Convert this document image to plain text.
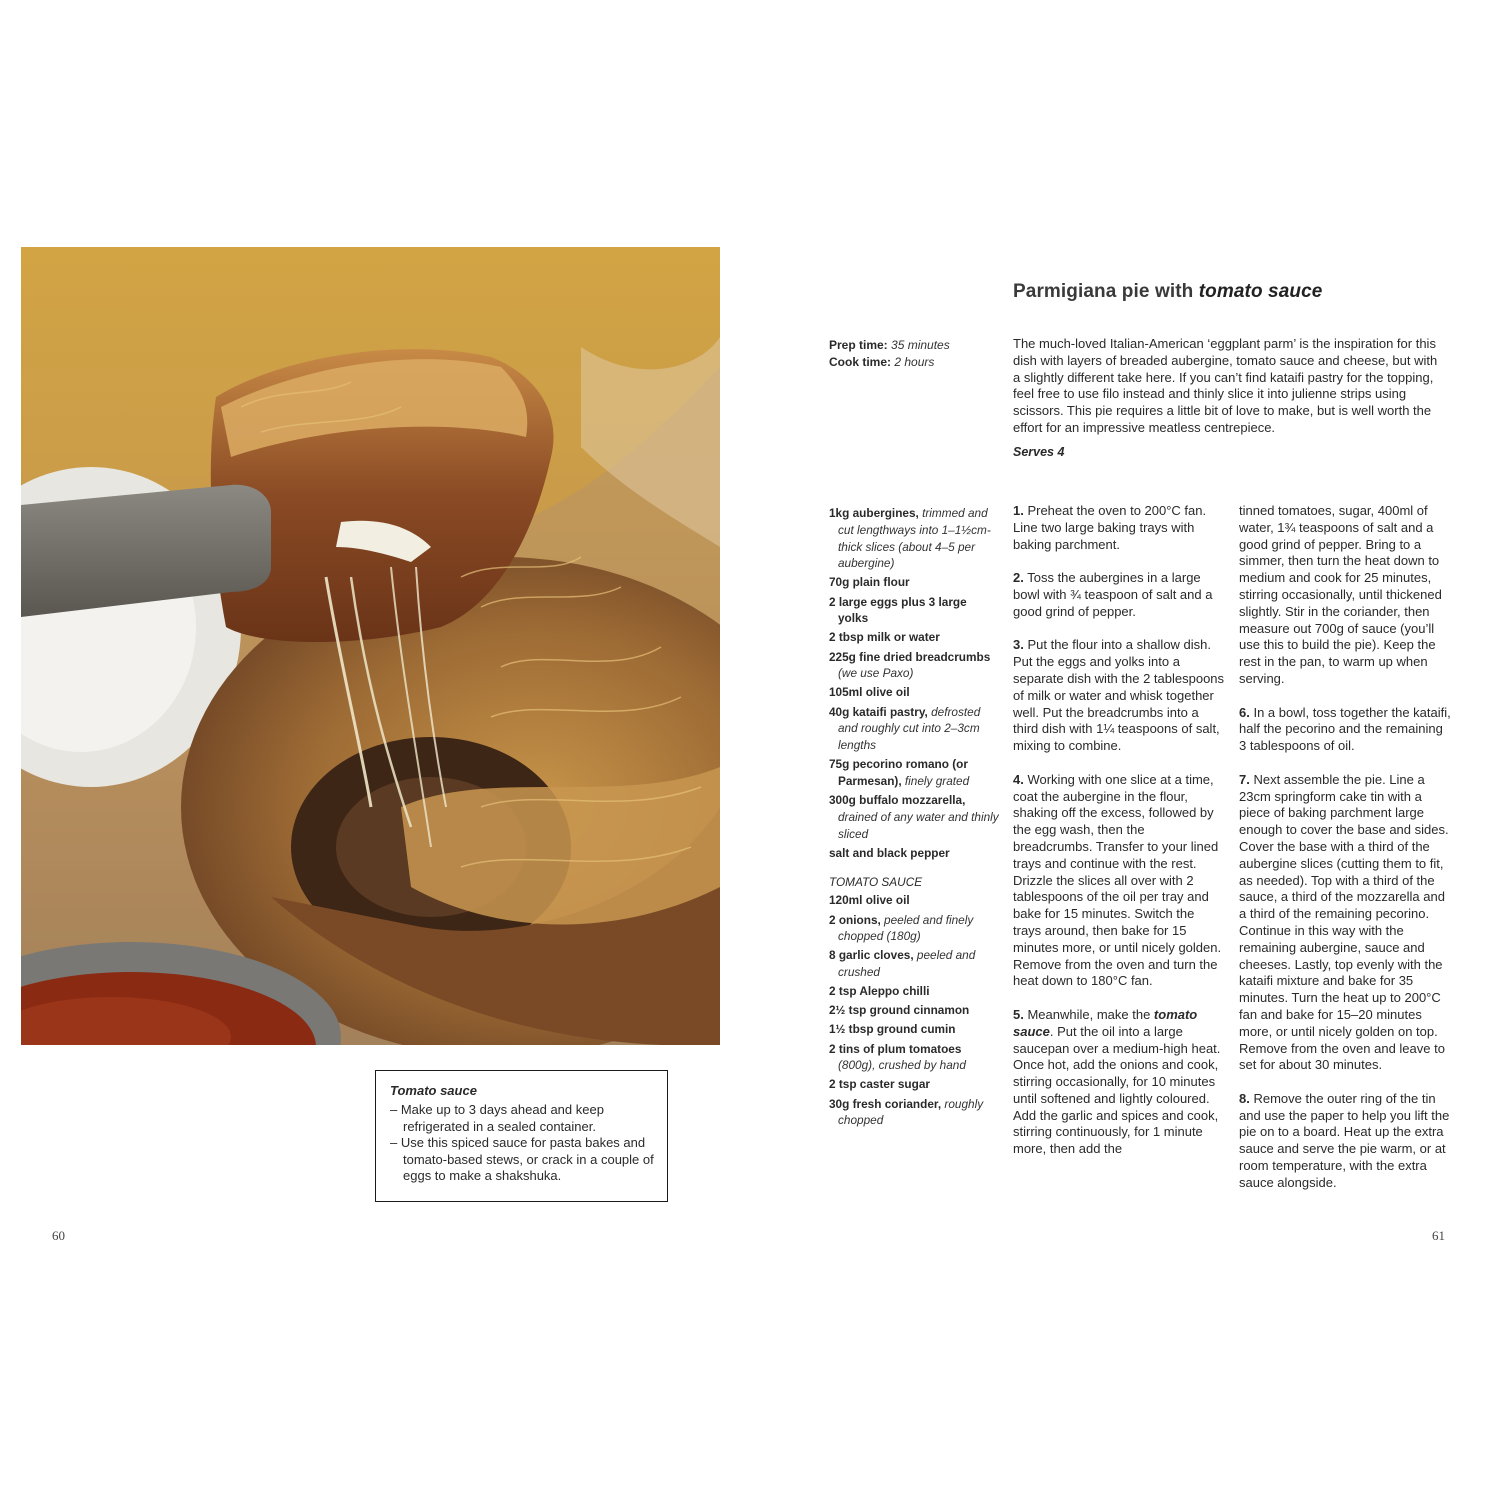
Tomato sauce

– Make up to 3 days ahead and keep refrigerated in a sealed container.

– Use this spiced sauce for pasta bakes and tomato-based stews, or crack in a couple of eggs to make a shakshuka.

60
Parmigiana pie with tomato sauce
Prep time: 35 minutes
Cook time: 2 hours
The much-loved Italian-American ‘eggplant parm’ is the inspiration for this dish with layers of breaded aubergine, tomato sauce and cheese, but with a slightly different take here. If you can’t find kataifi pastry for the topping, feel free to use filo instead and thinly slice it into julienne strips using scissors. This pie requires a little bit of love to make, but is well worth the effort for an impressive meatless centrepiece.
Serves 4
1kg aubergines, trimmed and cut lengthways into 1–1½cm-thick slices (about 4–5 per aubergine)
70g plain flour
2 large eggs plus 3 large yolks
2 tbsp milk or water
225g fine dried breadcrumbs (we use Paxo)
105ml olive oil
40g kataifi pastry, defrosted and roughly cut into 2–3cm lengths
75g pecorino romano (or Parmesan), finely grated
300g buffalo mozzarella, drained of any water and thinly sliced
salt and black pepper
TOMATO SAUCE
120ml olive oil
2 onions, peeled and finely chopped (180g)
8 garlic cloves, peeled and crushed
2 tsp Aleppo chilli
2½ tsp ground cinnamon
1½ tbsp ground cumin
2 tins of plum tomatoes (800g), crushed by hand
2 tsp caster sugar
30g fresh coriander, roughly chopped

1. Preheat the oven to 200°C fan. Line two large baking trays with baking parchment.

2. Toss the aubergines in a large bowl with ¾ teaspoon of salt and a good grind of pepper.

3. Put the flour into a shallow dish. Put the eggs and yolks into a separate dish with the 2 tablespoons of milk or water and whisk together well. Put the breadcrumbs into a third dish with 1¼ teaspoons of salt, mixing to combine.

4. Working with one slice at a time, coat the aubergine in the flour, shaking off the excess, followed by the egg wash, then the breadcrumbs. Transfer to your lined trays and continue with the rest. Drizzle the slices all over with 2 tablespoons of the oil per tray and bake for 15 minutes. Switch the trays around, then bake for 15 minutes more, or until nicely golden. Remove from the oven and turn the heat down to 180°C fan.

5. Meanwhile, make the tomato sauce. Put the oil into a large saucepan over a medium-high heat. Once hot, add the onions and cook, stirring occasionally, for 10 minutes until softened and lightly coloured. Add the garlic and spices and cook, stirring continuously, for 1 minute more, then add the

tinned tomatoes, sugar, 400ml of water, 1¾ teaspoons of salt and a good grind of pepper. Bring to a simmer, then turn the heat down to medium and cook for 25 minutes, stirring occasionally, until thickened slightly. Stir in the coriander, then measure out 700g of sauce (you’ll use this to build the pie). Keep the rest in the pan, to warm up when serving.

6. In a bowl, toss together the kataifi, half the pecorino and the remaining 3 tablespoons of oil.

7. Next assemble the pie. Line a 23cm springform cake tin with a piece of baking parchment large enough to cover the base and sides. Cover the base with a third of the aubergine slices (cutting them to fit, as needed). Top with a third of the sauce, a third of the mozzarella and a third of the remaining pecorino. Continue in this way with the remaining aubergine, sauce and cheeses. Lastly, top evenly with the kataifi mixture and bake for 35 minutes. Turn the heat up to 200°C fan and bake for 15–20 minutes more, or until nicely golden on top. Remove from the oven and leave to set for about 30 minutes.

8. Remove the outer ring of the tin and use the paper to help you lift the pie on to a board. Heat up the extra sauce and serve the pie warm, or at room temperature, with the extra sauce alongside.

61
